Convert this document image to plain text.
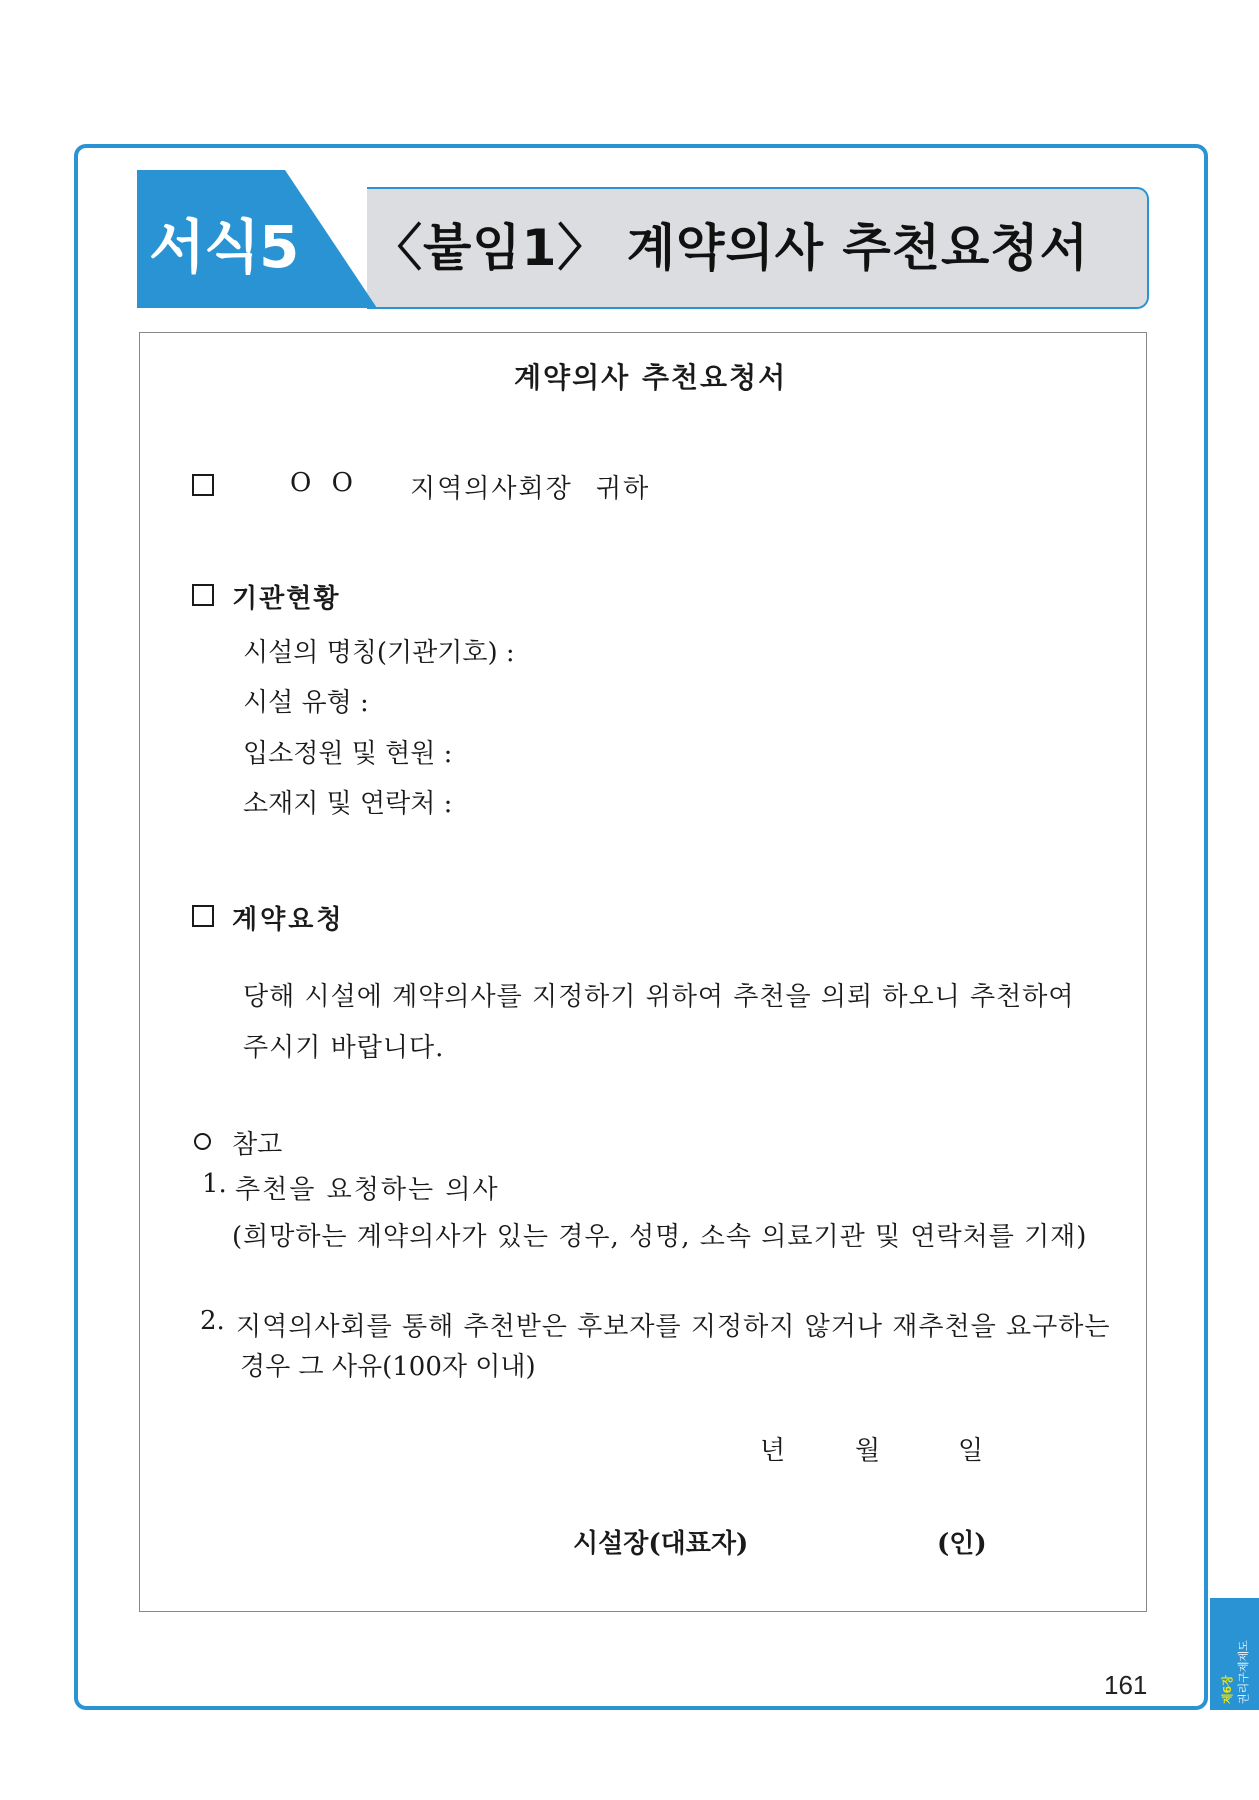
서식5 〈붙임1〉 계약의사 추천요청서
계약의사 추천요청서
O O 지역의사회장 귀하
기관현황
시설의 명칭(기관기호) :
시설 유형 :
입소정원 및 현원 :
소재지 및 연락처 :
계약요청
당해 시설에 계약의사를 지정하기 위하여 추천을 의뢰 하오니 추천하여
주시기 바랍니다.
참고
1. 추천을 요청하는 의사
(희망하는 계약의사가 있는 경우, 성명, 소속 의료기관 및 연락처를 기재)
2. 지역의사회를 통해 추천받은 후보자를 지정하지 않거나 재추천을 요구하는
경우 그 사유(100자 이내)
년	월	일
시설장(대표자)	(인)
제6장 권리구제제도
161
